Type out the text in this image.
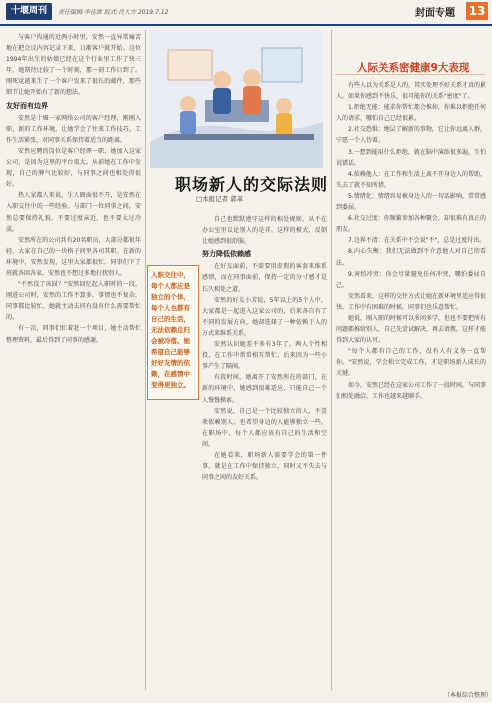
十堰周刊	责任编辑:李佳维 版式:肖大方 2019.7.12	封面专题 13

与客户沟通的近两小时里，安然一直异常痛苦地在把会议内容记录下来，日渐客户就开始。这位1994年出生的姑娘已经在这个行业里工作了快三年，她期待比较了一个时刻，那一刻工作日到了。刚死觉越来生了一个客户发来了很长的邮件，那些细节让她开始有了新的想法。

友好而有边界

安然是十堰一家网络公司的客户经理，刚刚入职，新的工作环境，让她学会了往来工作技巧。工作生活紧张，对同事关系保持着适当的距离。

安然应聘的岗位是客户经理一职，她加入这家公司，是因为这里的平台很大。从前她在工作中发现，自己的脾气比较好，与同事之间也相处得很好。

热人家都人来说，生人圈面很不开，是安然在入职交往中的一些经验。与部门一位同事之间，安然总要保持礼貌。不要过度亲近，也不要太过冷淡。

安然所在的公司共有20名职员，大部分都很年轻，大家在自己的一块格子间里各司其职。在新的环境中，安然发现，这里大家都很忙。同事们下了班就各回各家，安然也不想过多地打扰别人。

"不然没了该囧？"安然回忆起人职时的一段。刚进公司时，安然的工作不算多，事情也不复杂，同事都比较忙，她就主动去问有没有什么需要帮忙的。

有一次，同事们忙着赶一个项目，她主动帮忙整理资料，最后得到了同事的感谢。

职场新人的交际法则
□本报记者 郭革
入职交往中，每个人都应是独立的个体，每个人也都有自己的生活，无法依赖总归会被冷落。她希望自己能够好好友情的依赖，在感情中变得更独立。

自己也默默遵守这样的相处规则，从不在办公室里议论别人的是非。这样的模式，反倒让她感到很舒服。

努力降低依赖感

在好友面前，不需要用虚假的客套来维系感情，而在同事面前，保持一定的分寸感才是长久相处之道。

安然的好友小芳说，5年以上的5个人中，大家都是一起进入这家公司的，后来各自有了不同的发展方向，她却选择了一种依赖于人的方式来维系关系。

安然认识她差不多有3年了。两人个性相投，在工作中常常相互帮忙，后来因为一些小事产生了隔阂。

有段时间，她离开了安然所在的部门，在新的环境中，她感到很难适应，只能自己一个人慢慢摸索。

安然说，自己是一个比较独立的人，不喜欢依赖别人，也希望身边的人能够独立一些。在职场中，每个人都应该有自己的生活和空间。

在她看来，职场新人需要学会的第一件事，就是在工作中保持独立，同时又不失去与同事之间的友好关系。

人际关系密健康9大表现

有些人以为关系是人的，其实处理不好关系才真的累人。如果你感到不快乐，很可能你的关系"密度"了。

1.拒绝无能：能求你帮忙都会推掉，你难以拒绝任何人的请求，哪怕自己已经很累。

2.社交恐惧：地层了解新的事物，它让你远离人群，宁愿一个人待着。

3.一想到能用什么拒绝，就在脑中演练很多遍，生怕说错话。

4.依赖他人：在工作和生活上离不开身边人的帮助，失去了就不知所措。

5.情绪化：情绪容易被身边人的一句话影响，常常感到委屈。

6.社交过度：你频繁参加各种聚会，却很难有真正的朋友。

7.边界不清：在关系中不会说"不"，总是过度付出。

8.内心失衡：我们无法做到不介意他人对自己的看法。

9.害怕冲突：你会尽量避免任何冲突，哪怕委屈自己。

安然看来，这样的交往方式让她在新环境里适应得很快。工作中有困难的时候，同事们也乐意帮忙。

她说，刚入职的时候可以多问多学，但也不要把所有问题都推给别人，自己先尝试解决，再去请教，这样才能得到大家的认可。

"每个人都有自己的工作，没有人有义务一直帮你。"安然说，学会独立完成工作，才是职场新人成长的关键。

如今，安然已经在这家公司工作了一段时间，与同事们相处融洽，工作也越来越顺手。

（本报综合整理）
